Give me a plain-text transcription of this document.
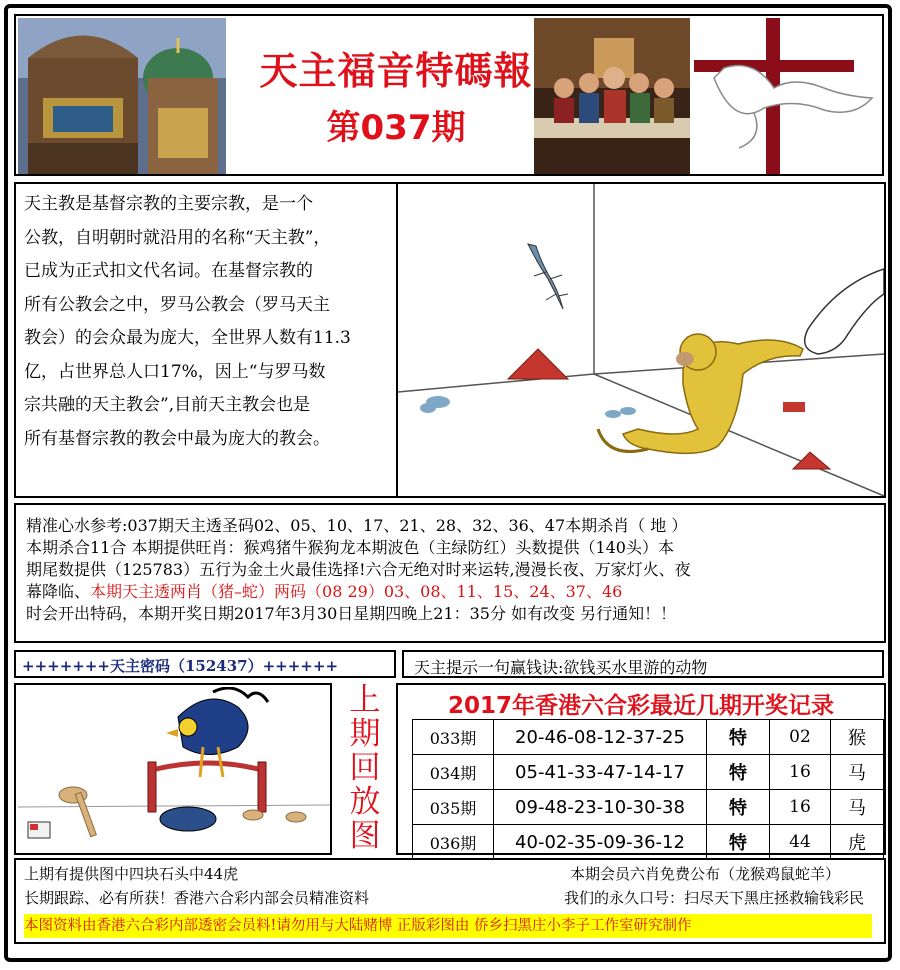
天主福音特碼報
第037期

天主教是基督宗教的主要宗教，是一个

公教，自明朝时就沿用的名称“天主教”，

已成为正式扣文代名词。在基督宗教的

所有公教会之中，罗马公教会（罗马天主

教会）的会众最为庞大，全世界人数有11.3

亿，占世界总人口17%，因上“与罗马数

宗共融的天主教会”,目前天主教会也是

所有基督宗教的教会中最为庞大的教会。

精准心水参考:037期天主透圣码02、05、10、17、21、28、32、36、47本期杀肖（ 地 ）

本期杀合11合 本期提供旺肖：猴鸡猪牛猴狗龙本期波色（主绿防红）头数提供（140头）本

期尾数提供（125783）五行为金土火最佳选择!六合无绝对时来运转,漫漫长夜、万家灯火、夜

幕降临、本期天主透两肖（猪–蛇）两码（08 29）03、08、11、15、24、37、46

时会开出特码，本期开奖日期2017年3月30日星期四晚上21：35分 如有改变 另行通知！！

+++++++天主密码（152437）++++++	天主提示一句赢钱诀:欲钱买水里游的动物
上
期
回
放
图
2017年香港六合彩最近几期开奖记录
033期	20-46-08-12-37-25	特	02	猴
034期	05-41-33-47-14-17	特	16	马
035期	09-48-23-10-30-38	特	16	马
036期	40-02-35-09-36-12	特	44	虎

上期有提供图中四块石头中44虎	本期会员六肖免费公布（龙猴鸡鼠蛇羊）

长期跟踪、必有所获！香港六合彩内部会员精准资料	我们的永久口号：扫尽天下黑庄拯救输钱彩民

本图资料由香港六合彩内部透密会员料!请勿用与大陆赌博 正版彩图由 侨乡扫黑庄小李子工作室研究制作
